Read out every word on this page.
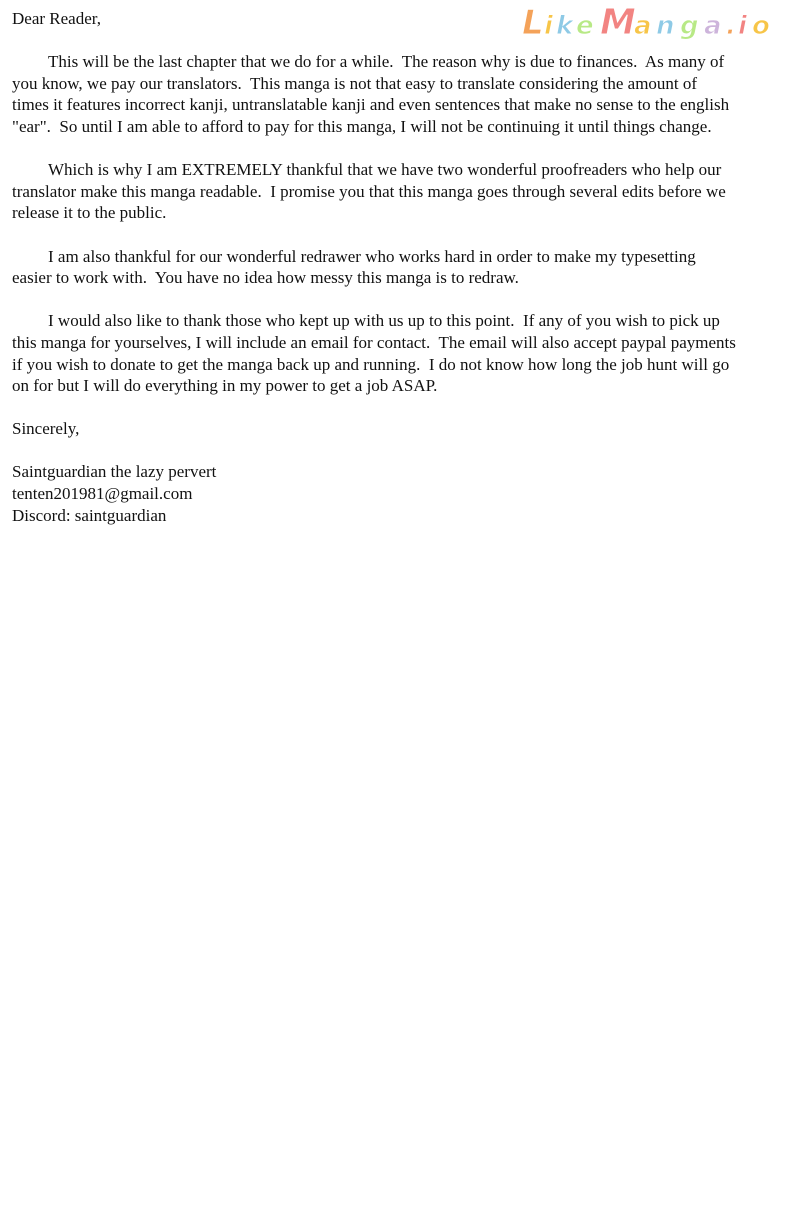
L i k e M
a n g a . i o
Dear Reader,
This will be the last chapter that we do for a while.  The reason why is due to finances.  As many of
you know, we pay our translators.  This manga is not that easy to translate considering the amount of
times it features incorrect kanji, untranslatable kanji and even sentences that make no sense to the english
"ear".  So until I am able to afford to pay for this manga, I will not be continuing it until things change.
Which is why I am EXTREMELY thankful that we have two wonderful proofreaders who help our
translator make this manga readable.  I promise you that this manga goes through several edits before we
release it to the public.
I am also thankful for our wonderful redrawer who works hard in order to make my typesetting
easier to work with.  You have no idea how messy this manga is to redraw.
I would also like to thank those who kept up with us up to this point.  If any of you wish to pick up
this manga for yourselves, I will include an email for contact.  The email will also accept paypal payments
if you wish to donate to get the manga back up and running.  I do not know how long the job hunt will go
on for but I will do everything in my power to get a job ASAP.
Sincerely,
Saintguardian the lazy pervert
tenten201981@gmail.com
Discord: saintguardian
